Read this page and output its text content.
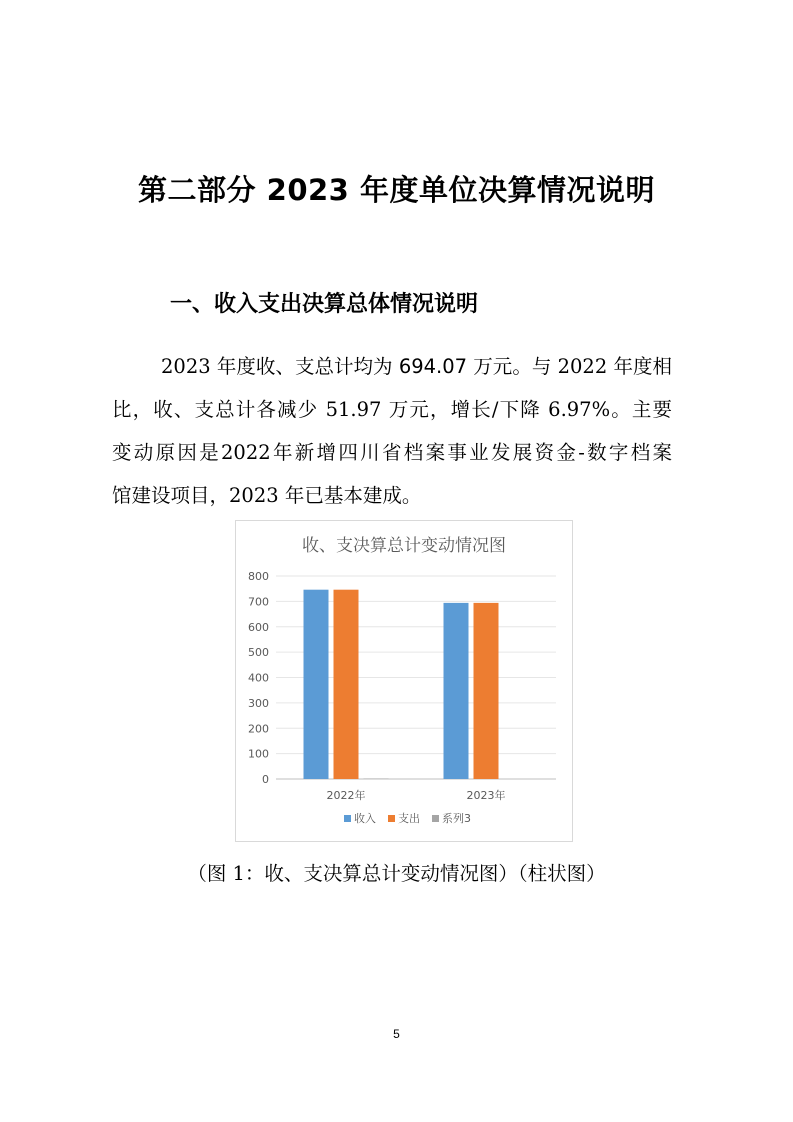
第二部分 2023 年度单位决算情况说明
一、收入支出决算总体情况说明
2023 年度收、支总计均为 694.07 万元。与 2022 年度相
比，收、支总计各减少 51.97 万元，增长/下降 6.97%。主要
变动原因是2022年新增四川省档案事业发展资金-数字档案
馆建设项目，2023 年已基本建成。
收、支决算总计变动情况图
0
100
200
300
400
500
600
700
800
2022年	2023年
收入 支出 系列3
（图 1：收、支决算总计变动情况图）（柱状图）
5
